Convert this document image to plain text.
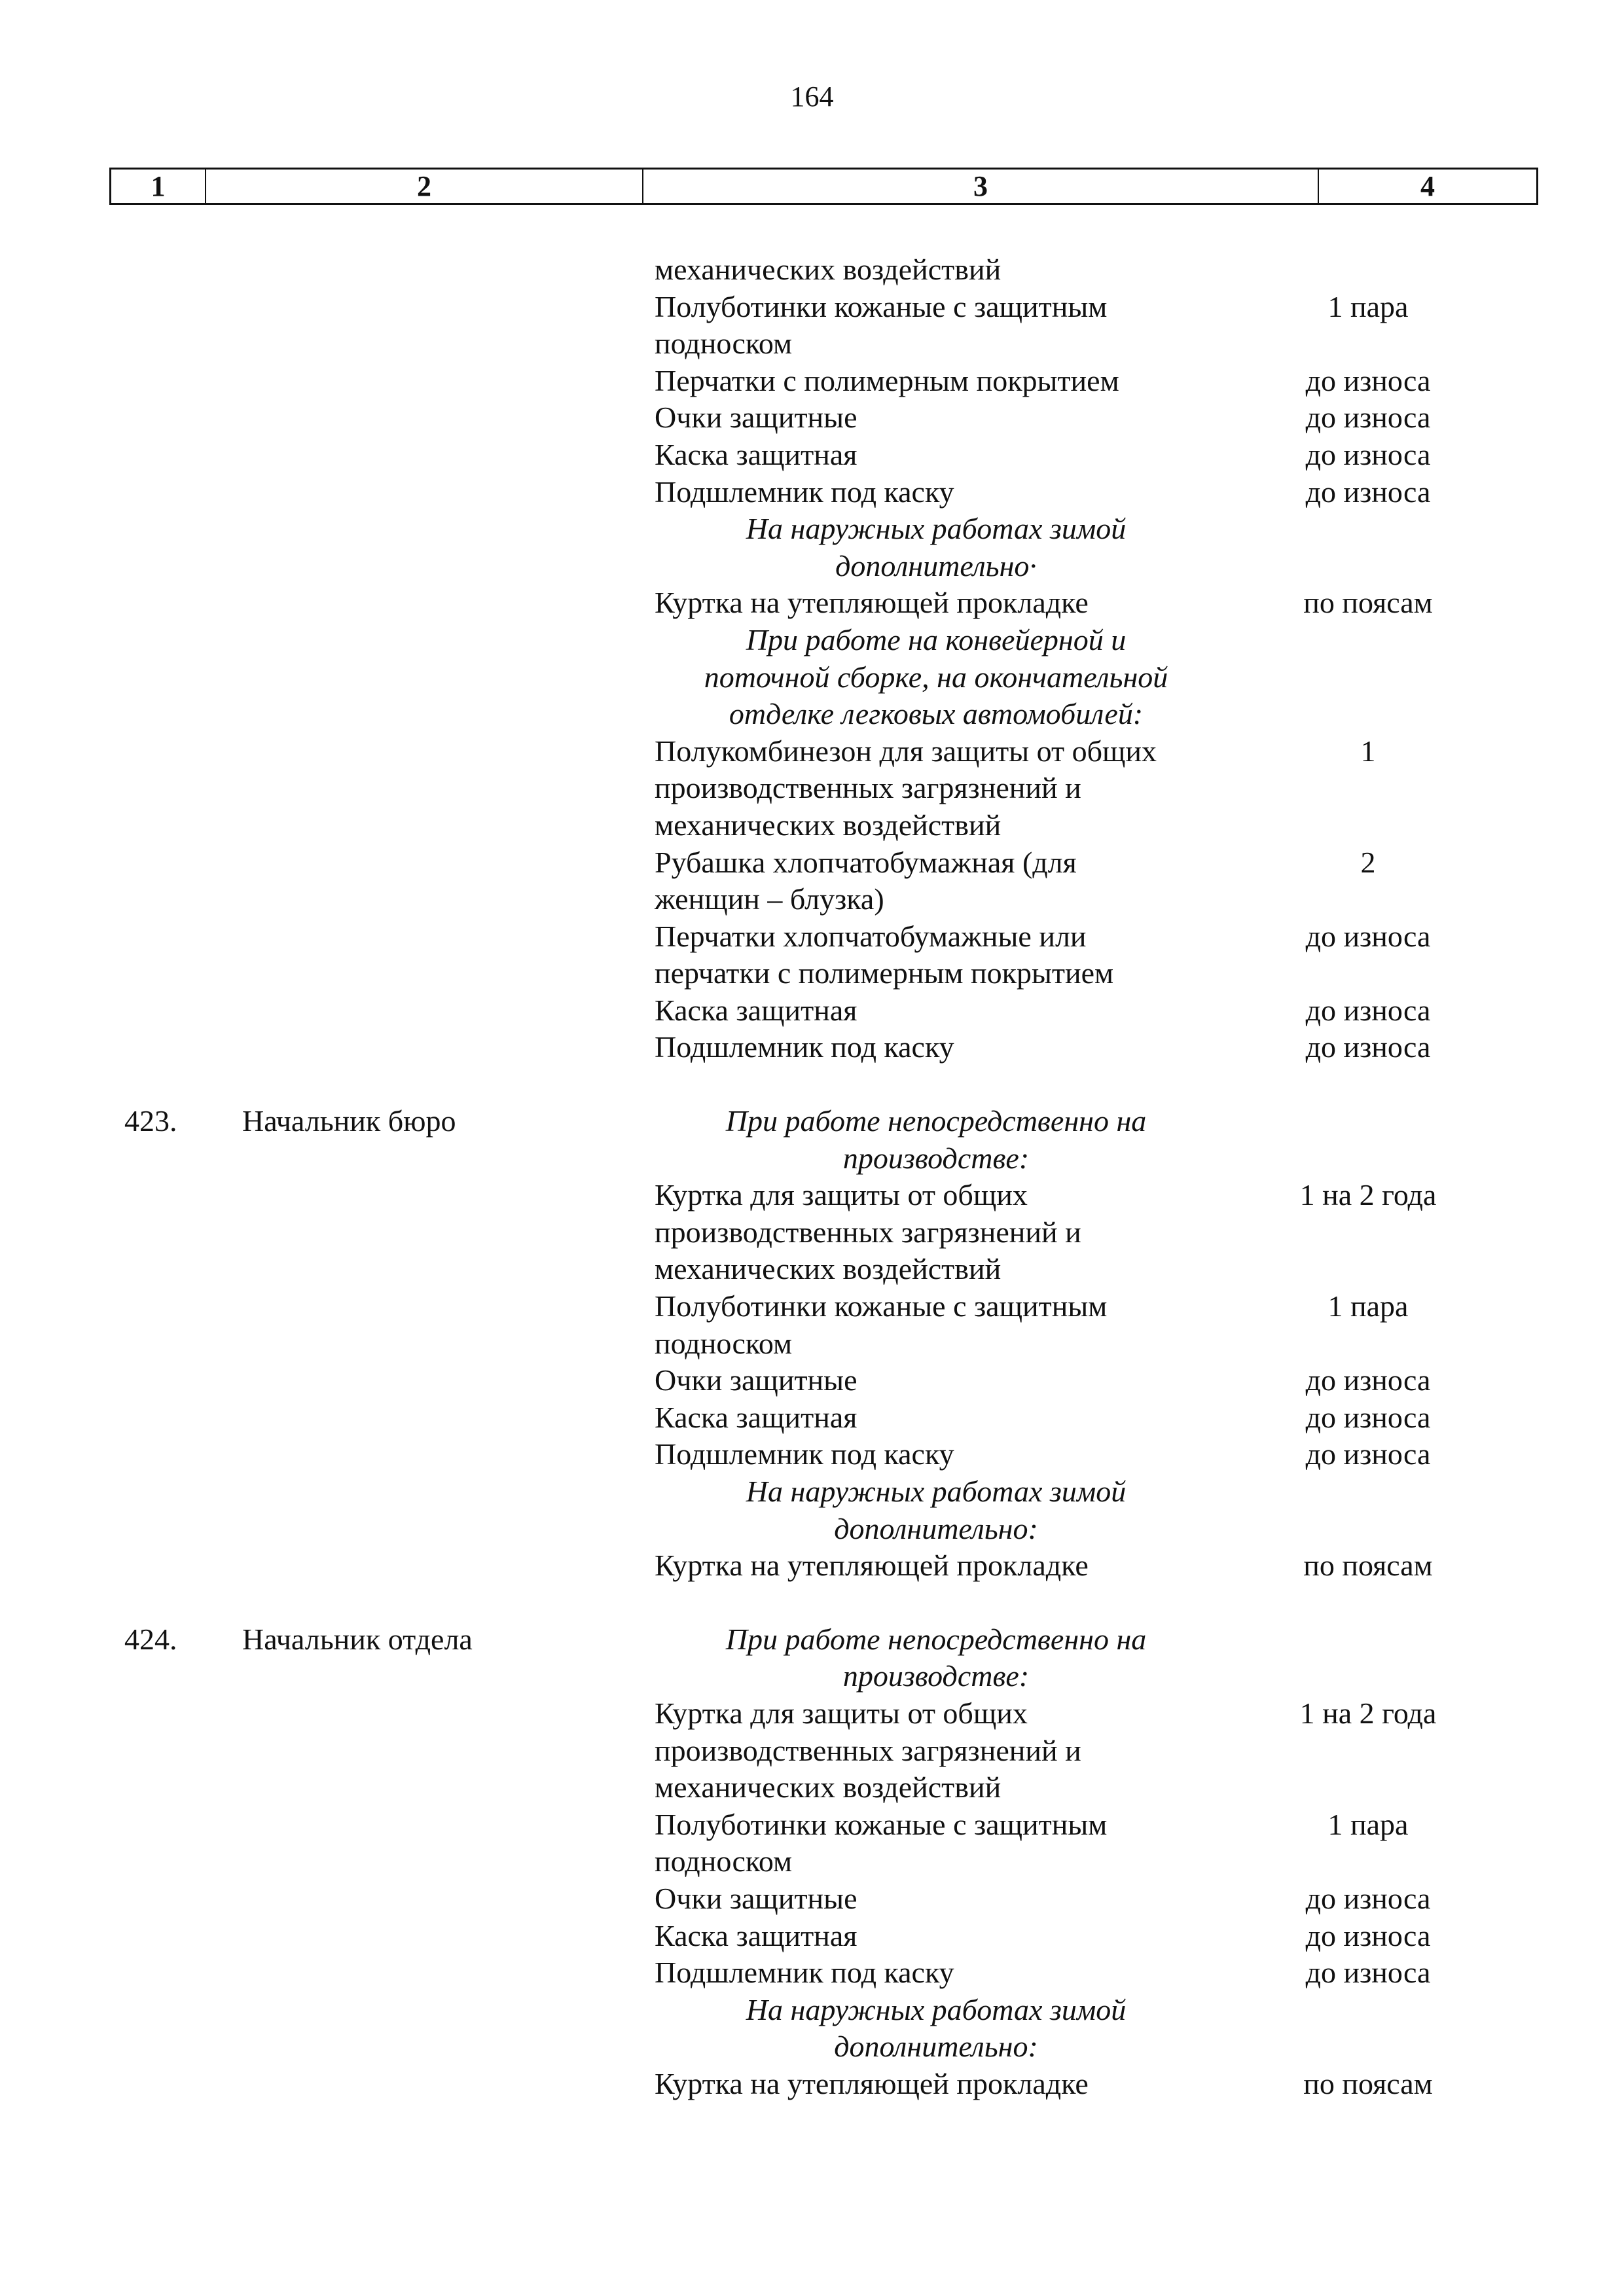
164
1	2	3	4
механических воздействий
Полуботинки кожаные с защитным	1 пара
подноском
Перчатки с полимерным покрытием	до износа
Очки защитные	до износа
Каска защитная	до износа
Подшлемник под каску	до износа
На наружных работах зимой
дополнительно·
Куртка на утепляющей прокладке	по поясам
При работе на конвейерной и
поточной сборке, на окончательной
отделке легковых автомобилей:
Полукомбинезон для защиты от общих	1
производственных загрязнений и
механических воздействий
Рубашка хлопчатобумажная (для	2
женщин – блузка)
Перчатки хлопчатобумажные или	до износа
перчатки с полимерным покрытием
Каска защитная	до износа
Подшлемник под каску	до износа
423.	Начальник бюро	При работе непосредственно на
производстве:
Куртка для защиты от общих	1 на 2 года
производственных загрязнений и
механических воздействий
Полуботинки кожаные с защитным	1 пара
подноском
Очки защитные	до износа
Каска защитная	до износа
Подшлемник под каску	до износа
На наружных работах зимой
дополнительно:
Куртка на утепляющей прокладке	по поясам
424.	Начальник отдела	При работе непосредственно на
производстве:
Куртка для защиты от общих	1 на 2 года
производственных загрязнений и
механических воздействий
Полуботинки кожаные с защитным	1 пара
подноском
Очки защитные	до износа
Каска защитная	до износа
Подшлемник под каску	до износа
На наружных работах зимой
дополнительно:
Куртка на утепляющей прокладке	по поясам
